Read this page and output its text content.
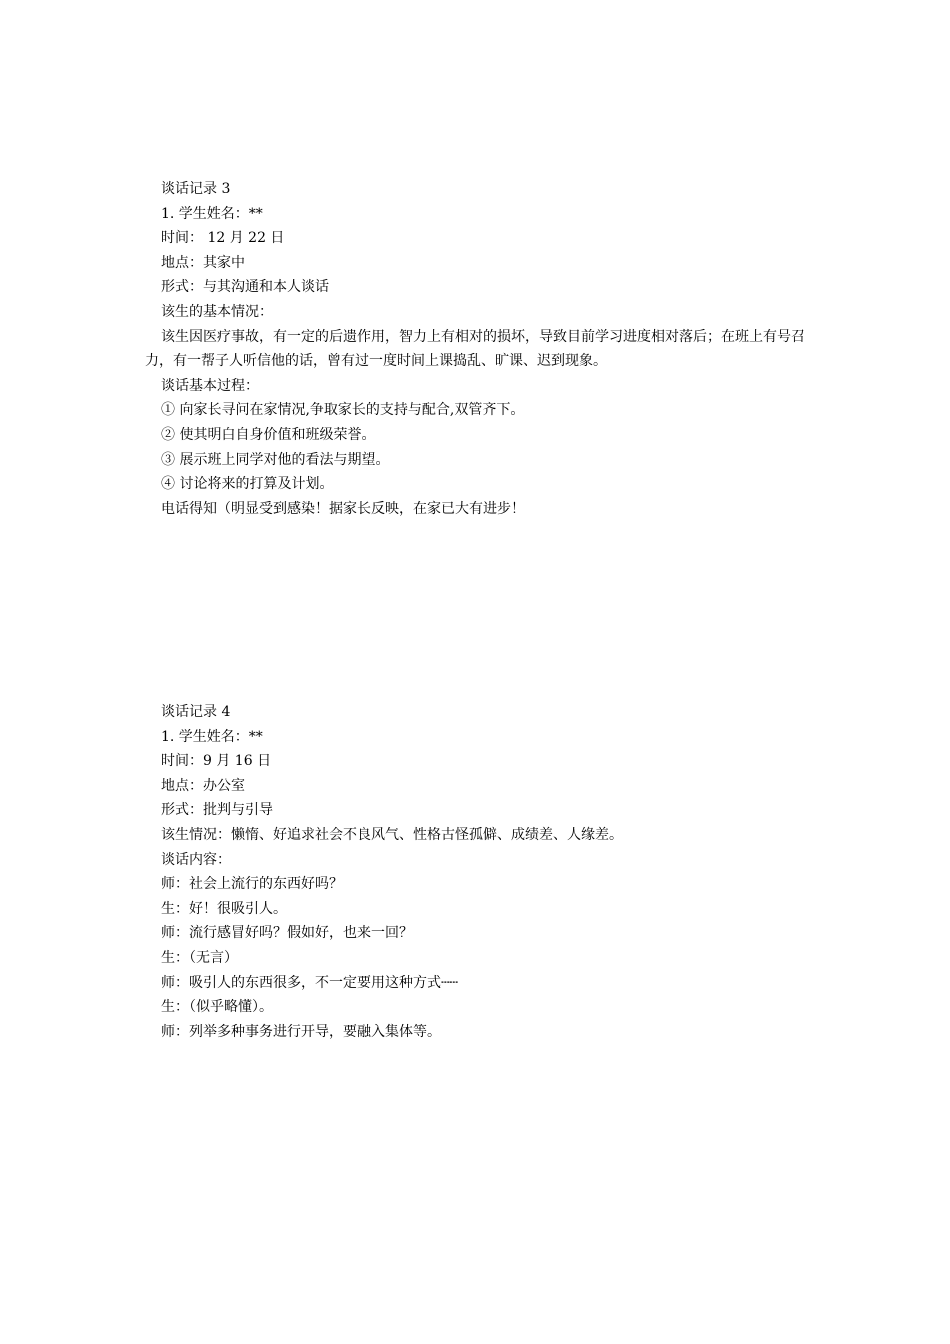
谈话记录 3
1. 学生姓名：**
时间： 12 月 22 日
地点：其家中
形式：与其沟通和本人谈话
该生的基本情况：
该生因医疗事故，有一定的后遗作用，智力上有相对的损坏，导致目前学习进度相对落后；在班上有号召力，有一帮子人听信他的话，曾有过一度时间上课捣乱、旷课、迟到现象。
谈话基本过程：
① 向家长寻问在家情况,争取家长的支持与配合,双管齐下。
② 使其明白自身价值和班级荣誉。
③ 展示班上同学对他的看法与期望。
④ 讨论将来的打算及计划。
电话得知（明显受到感染！据家长反映，在家已大有进步！
谈话记录 4
1. 学生姓名：**
时间：9 月 16 日
地点：办公室
形式：批判与引导
该生情况：懒惰、好追求社会不良风气、性格古怪孤僻、成绩差、人缘差。
谈话内容：
师：社会上流行的东西好吗？
生：好！很吸引人。
师：流行感冒好吗？假如好，也来一回？
生：（无言）
师：吸引人的东西很多，不一定要用这种方式┄┄
生：（似乎略懂）。
师：列举多种事务进行开导，要融入集体等。
